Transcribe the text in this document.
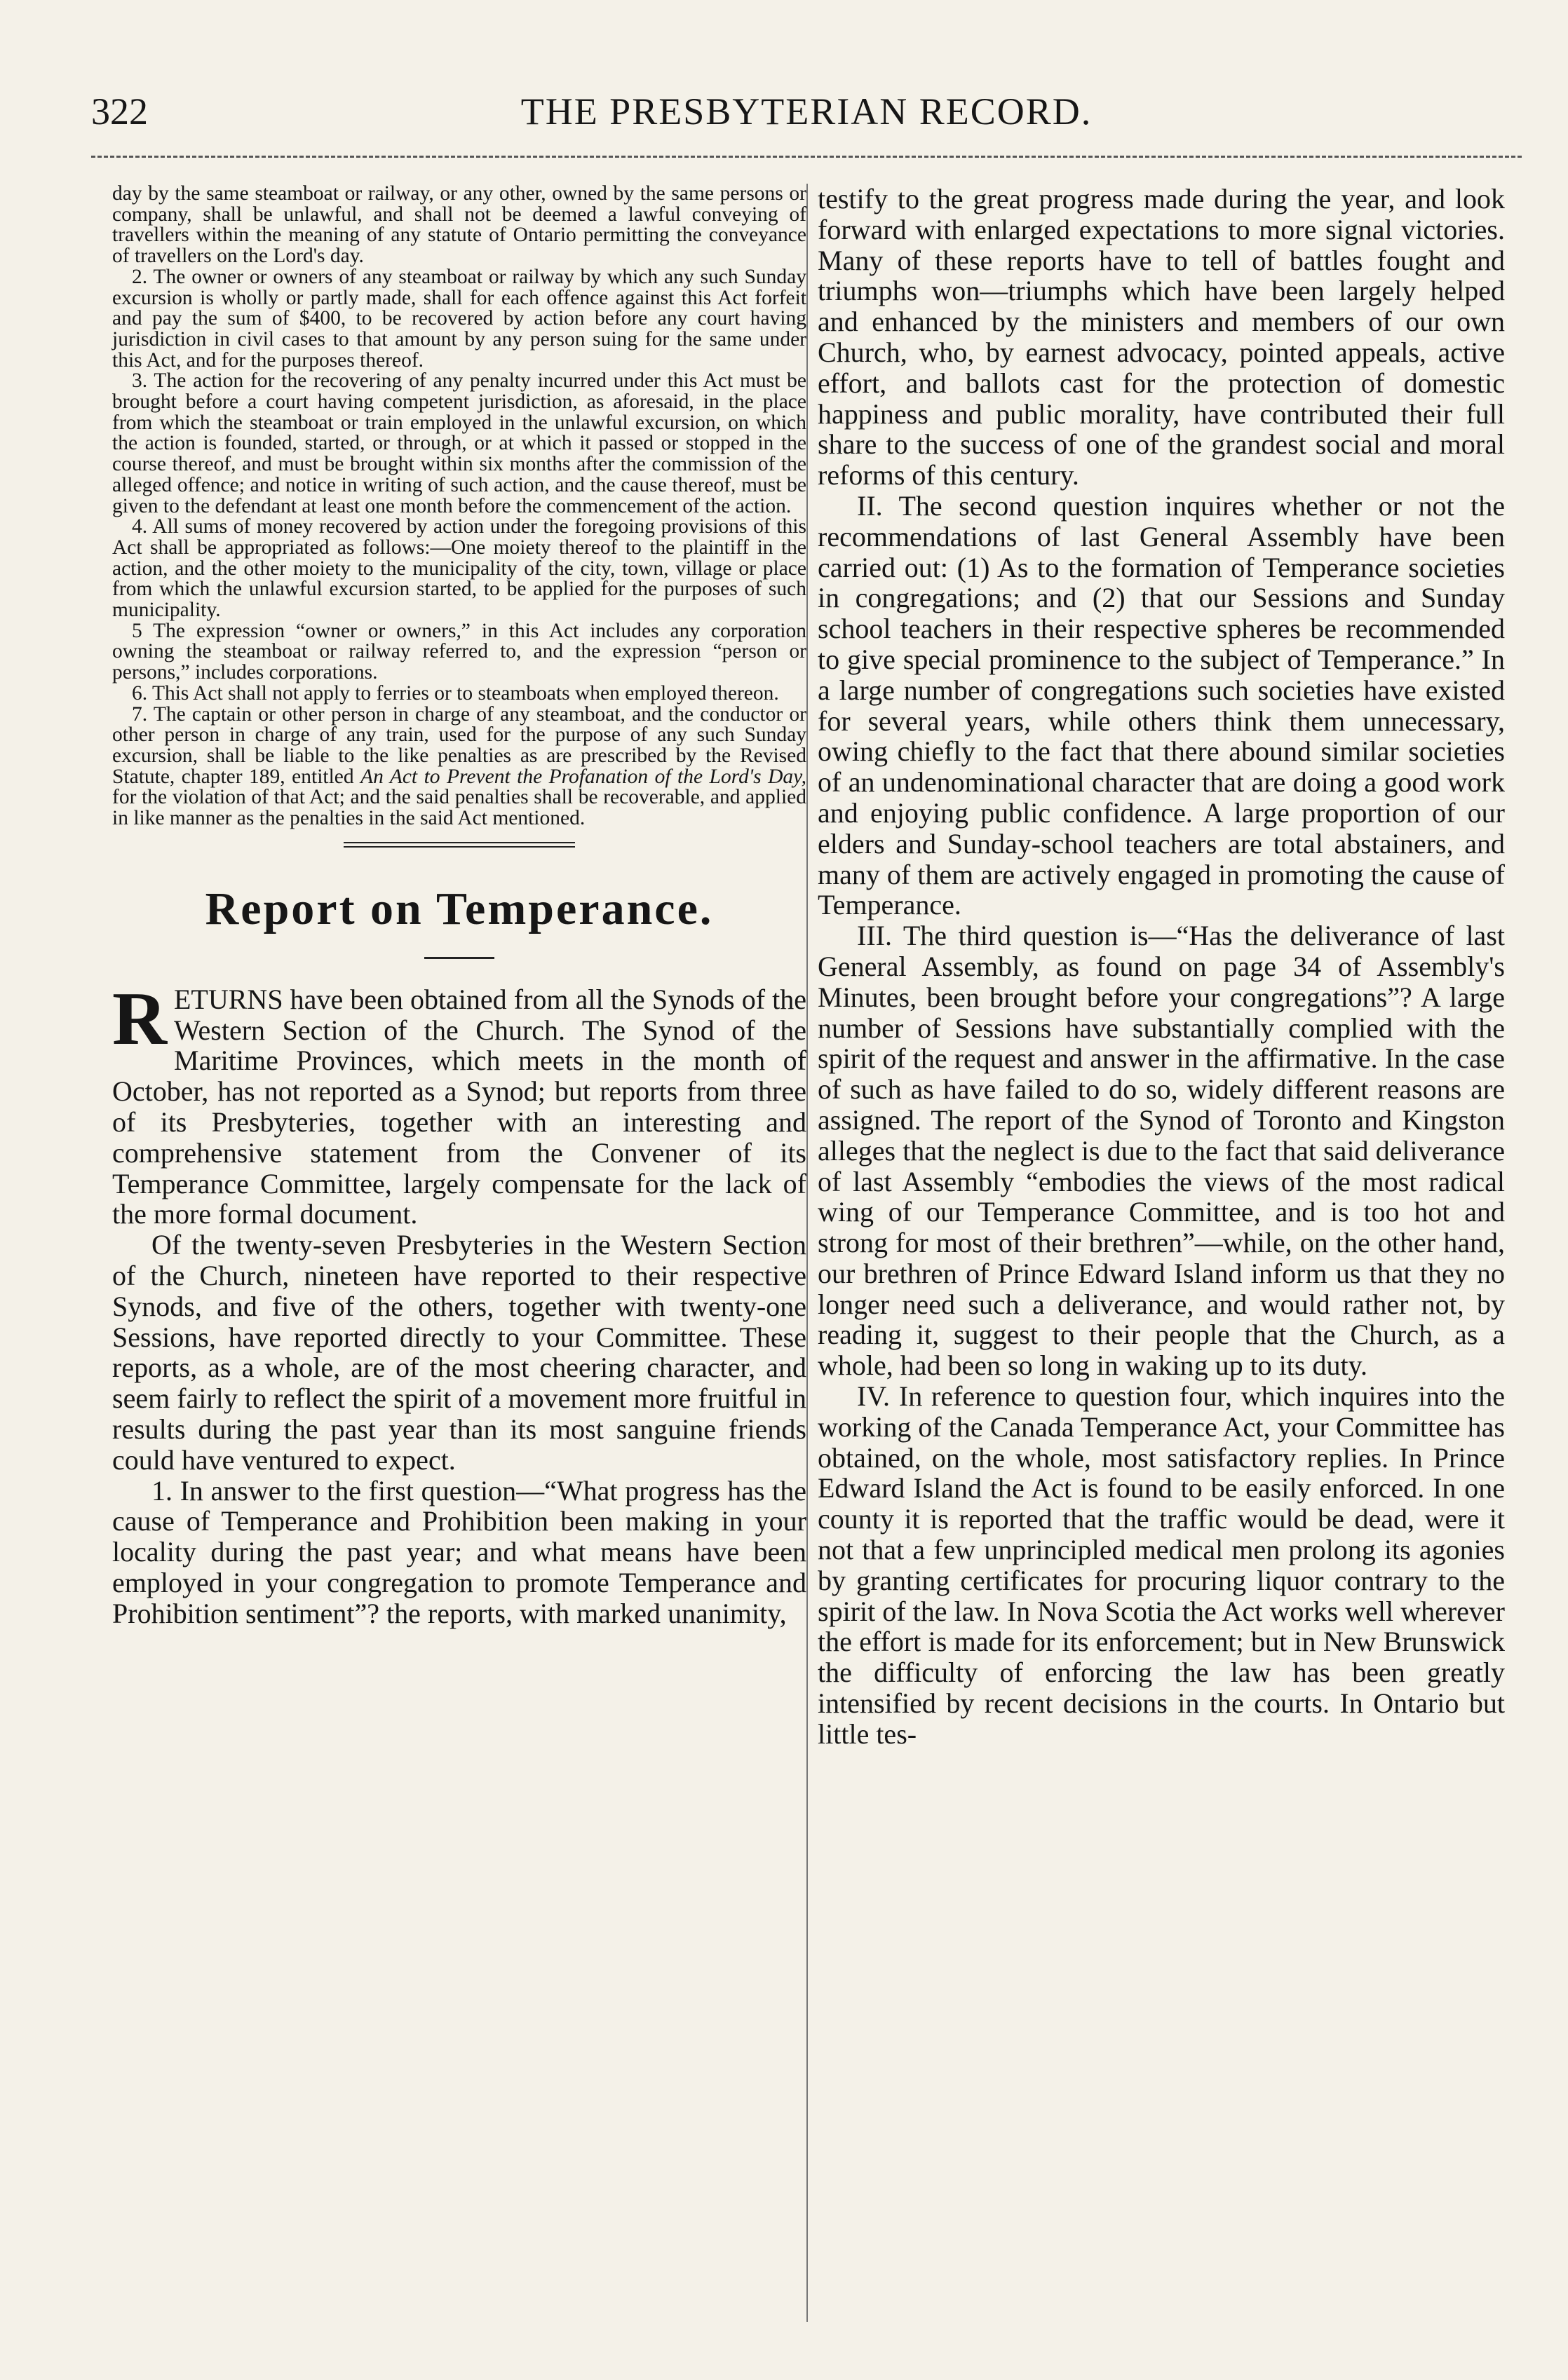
322	THE PRESBYTERIAN RECORD.

day by the same steamboat or railway, or any other, owned by the same persons or company, shall be unlawful, and shall not be deemed a lawful conveying of travellers within the meaning of any statute of Ontario permitting the conveyance of travellers on the Lord's day.

2. The owner or owners of any steamboat or railway by which any such Sunday excursion is wholly or partly made, shall for each offence against this Act forfeit and pay the sum of $400, to be recovered by action before any court having jurisdiction in civil cases to that amount by any person suing for the same under this Act, and for the purposes thereof.

3. The action for the recovering of any penalty incurred under this Act must be brought before a court having competent jurisdiction, as aforesaid, in the place from which the steamboat or train employed in the unlawful excursion, on which the action is founded, started, or through, or at which it passed or stopped in the course thereof, and must be brought within six months after the commission of the alleged offence; and notice in writing of such action, and the cause thereof, must be given to the defendant at least one month before the commencement of the action.

4. All sums of money recovered by action under the foregoing provisions of this Act shall be appropriated as follows:—One moiety thereof to the plaintiff in the action, and the other moiety to the municipality of the city, town, village or place from which the unlawful excursion started, to be applied for the purposes of such municipality.

5 The expression “owner or owners,” in this Act includes any corporation owning the steamboat or railway referred to, and the expression “person or persons,” includes corporations.

6. This Act shall not apply to ferries or to steamboats when employed thereon.

7. The captain or other person in charge of any steamboat, and the conductor or other person in charge of any train, used for the purpose of any such Sunday excursion, shall be liable to the like penalties as are prescribed by the Revised Statute, chapter 189, entitled An Act to Prevent the Profanation of the Lord's Day, for the violation of that Act; and the said penalties shall be recoverable, and applied in like manner as the penalties in the said Act mentioned.

Report on Temperance.

RETURNS have been obtained from all the Synods of the Western Section of the Church. The Synod of the Maritime Provinces, which meets in the month of October, has not reported as a Synod; but reports from three of its Presbyteries, together with an interesting and comprehensive statement from the Convener of its Temperance Committee, largely compensate for the lack of the more formal document.

Of the twenty-seven Presbyteries in the Western Section of the Church, nineteen have reported to their respective Synods, and five of the others, together with twenty-one Sessions, have reported directly to your Committee. These reports, as a whole, are of the most cheering character, and seem fairly to reflect the spirit of a movement more fruitful in results during the past year than its most sanguine friends could have ventured to expect.

1. In answer to the first question—“What progress has the cause of Temperance and Prohibition been making in your locality during the past year; and what means have been employed in your congregation to promote Temperance and Prohibition sentiment”? the reports, with marked unanimity,

testify to the great progress made during the year, and look forward with enlarged expectations to more signal victories. Many of these reports have to tell of battles fought and triumphs won—triumphs which have been largely helped and enhanced by the ministers and members of our own Church, who, by earnest advocacy, pointed appeals, active effort, and ballots cast for the protection of domestic happiness and public morality, have contributed their full share to the success of one of the grandest social and moral reforms of this century.

II. The second question inquires whether or not the recommendations of last General Assembly have been carried out: (1) As to the formation of Temperance societies in congregations; and (2) that our Sessions and Sunday school teachers in their respective spheres be recommended to give special prominence to the subject of Temperance.” In a large number of congregations such societies have existed for several years, while others think them unnecessary, owing chiefly to the fact that there abound similar societies of an undenominational character that are doing a good work and enjoying public confidence. A large proportion of our elders and Sunday-school teachers are total abstainers, and many of them are actively engaged in promoting the cause of Temperance.

III. The third question is—“Has the deliverance of last General Assembly, as found on page 34 of Assembly's Minutes, been brought before your congregations”? A large number of Sessions have substantially complied with the spirit of the request and answer in the affirmative. In the case of such as have failed to do so, widely different reasons are assigned. The report of the Synod of Toronto and Kingston alleges that the neglect is due to the fact that said deliverance of last Assembly “embodies the views of the most radical wing of our Temperance Committee, and is too hot and strong for most of their brethren”—while, on the other hand, our brethren of Prince Edward Island inform us that they no longer need such a deliverance, and would rather not, by reading it, suggest to their people that the Church, as a whole, had been so long in waking up to its duty.

IV. In reference to question four, which inquires into the working of the Canada Temperance Act, your Committee has obtained, on the whole, most satisfactory replies. In Prince Edward Island the Act is found to be easily enforced. In one county it is reported that the traffic would be dead, were it not that a few unprincipled medical men prolong its agonies by granting certificates for procuring liquor contrary to the spirit of the law. In Nova Scotia the Act works well wherever the effort is made for its enforcement; but in New Brunswick the difficulty of enforcing the law has been greatly intensified by recent decisions in the courts. In Ontario but little tes-
